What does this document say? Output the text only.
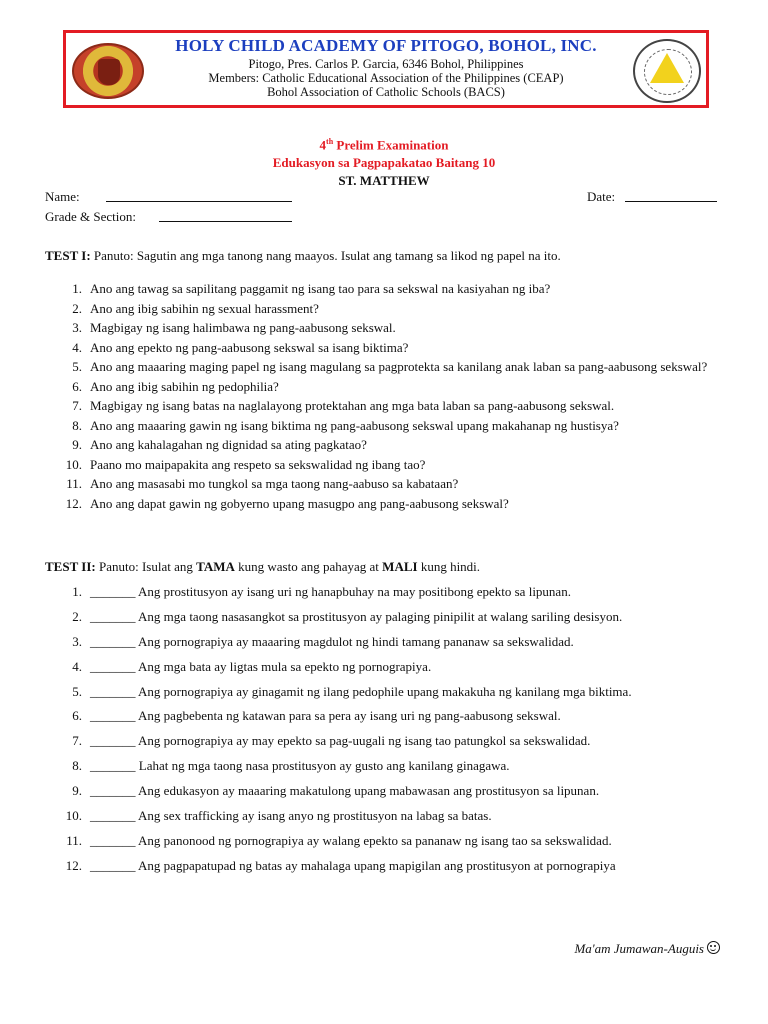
HOLY CHILD ACADEMY OF PITOGO, BOHOL, INC.
Pitogo, Pres. Carlos P. Garcia, 6346 Bohol, Philippines
Members: Catholic Educational Association of the Philippines (CEAP)
Bohol Association of Catholic Schools (BACS)
4th Prelim Examination
Edukasyon sa Pagpapakatao Baitang 10
ST. MATTHEW
Name:	Date:
Grade & Section:
TEST I: Panuto: Sagutin ang mga tanong nang maayos. Isulat ang tamang sa likod ng papel na ito.
1. Ano ang tawag sa sapilitang paggamit ng isang tao para sa sekswal na kasiyahan ng iba?
2. Ano ang ibig sabihin ng sexual harassment?
3. Magbigay ng isang halimbawa ng pang-aabusong sekswal.
4. Ano ang epekto ng pang-aabusong sekswal sa isang biktima?
5. Ano ang maaaring maging papel ng isang magulang sa pagprotekta sa kanilang anak laban sa pang-aabusong sekswal?
6. Ano ang ibig sabihin ng pedophilia?
7. Magbigay ng isang batas na naglalayong protektahan ang mga bata laban sa pang-aabusong sekswal.
8. Ano ang maaaring gawin ng isang biktima ng pang-aabusong sekswal upang makahanap ng hustisya?
9. Ano ang kahalagahan ng dignidad sa ating pagkatao?
10. Paano mo maipapakita ang respeto sa sekswalidad ng ibang tao?
11. Ano ang masasabi mo tungkol sa mga taong nang-aabuso sa kabataan?
12. Ano ang dapat gawin ng gobyerno upang masugpo ang pang-aabusong sekswal?
TEST II: Panuto: Isulat ang TAMA kung wasto ang pahayag at MALI kung hindi.
1. _______ Ang prostitusyon ay isang uri ng hanapbuhay na may positibong epekto sa lipunan.
2. _______ Ang mga taong nasasangkot sa prostitusyon ay palaging pinipilit at walang sariling desisyon.
3. _______ Ang pornograpiya ay maaaring magdulot ng hindi tamang pananaw sa sekswalidad.
4. _______ Ang mga bata ay ligtas mula sa epekto ng pornograpiya.
5. _______ Ang pornograpiya ay ginagamit ng ilang pedophile upang makakuha ng kanilang mga biktima.
6. _______ Ang pagbebenta ng katawan para sa pera ay isang uri ng pang-aabusong sekswal.
7. _______ Ang pornograpiya ay may epekto sa pag-uugali ng isang tao patungkol sa sekswalidad.
8. _______ Lahat ng mga taong nasa prostitusyon ay gusto ang kanilang ginagawa.
9. _______ Ang edukasyon ay maaaring makatulong upang mabawasan ang prostitusyon sa lipunan.
10. _______ Ang sex trafficking ay isang anyo ng prostitusyon na labag sa batas.
11. _______ Ang panonood ng pornograpiya ay walang epekto sa pananaw ng isang tao sa sekswalidad.
12. _______ Ang pagpapatupad ng batas ay mahalaga upang mapigilan ang prostitusyon at pornograpiya
Ma'am Jumawan-Auguis
